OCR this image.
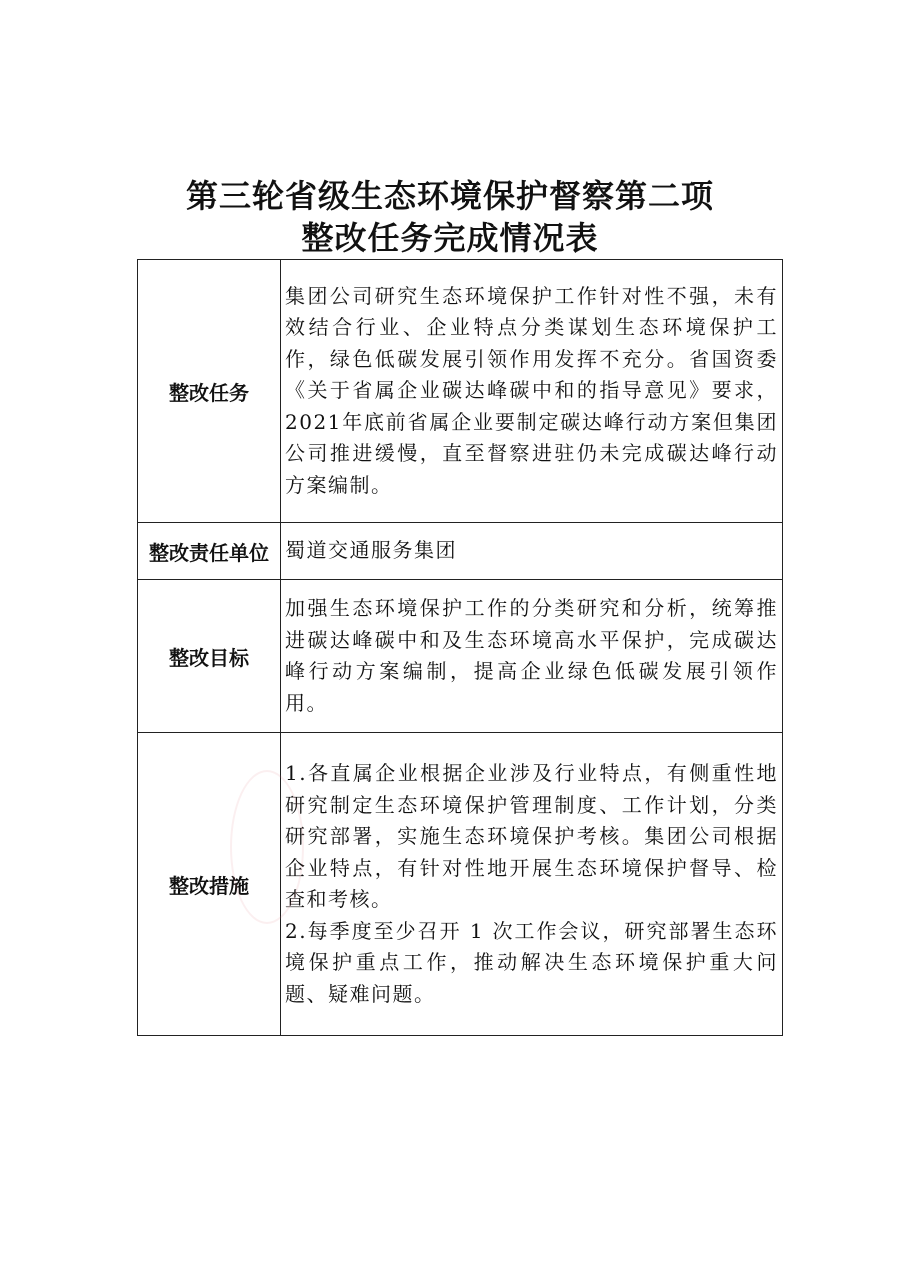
第三轮省级生态环境保护督察第二项
整改任务完成情况表
整改任务	集团公司研究生态环境保护工作针对性不强，未有效结合行业、企业特点分类谋划生态环境保护工作，绿色低碳发展引领作用发挥不充分。省国资委《关于省属企业碳达峰碳中和的指导意见》要求，2021年底前省属企业要制定碳达峰行动方案但集团公司推进缓慢，直至督察进驻仍未完成碳达峰行动方案编制。
整改责任单位	蜀道交通服务集团
整改目标	加强生态环境保护工作的分类研究和分析，统筹推进碳达峰碳中和及生态环境高水平保护，完成碳达峰行动方案编制，提高企业绿色低碳发展引领作用。
整改措施	1.各直属企业根据企业涉及行业特点，有侧重性地研究制定生态环境保护管理制度、工作计划，分类研究部署，实施生态环境保护考核。集团公司根据企业特点，有针对性地开展生态环境保护督导、检查和考核。
2.每季度至少召开 1 次工作会议，研究部署生态环境保护重点工作，推动解决生态环境保护重大问题、疑难问题。
